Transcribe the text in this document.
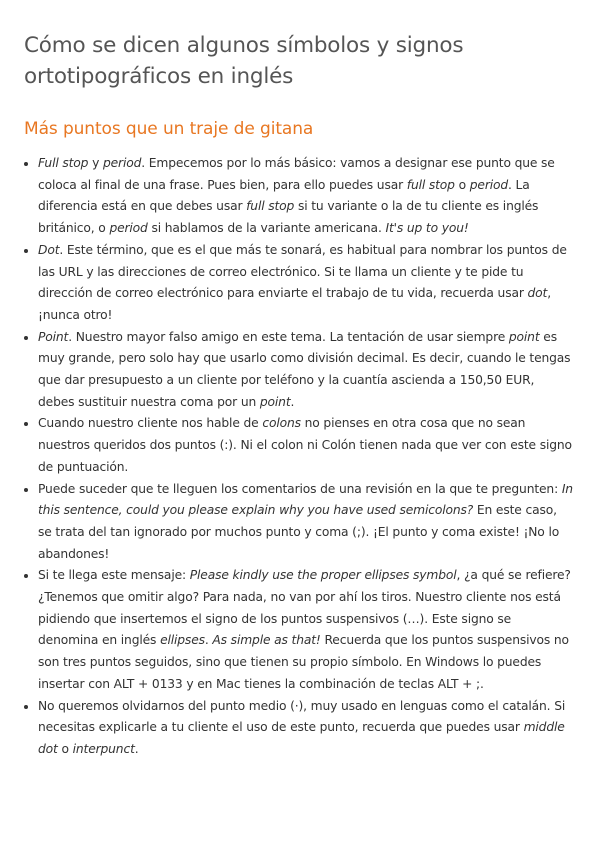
Cómo se dicen algunos símbolos y signos ortotipográficos en inglés
Más puntos que un traje de gitana
Full stop y period. Empecemos por lo más básico: vamos a designar ese punto que se coloca al final de una frase. Pues bien, para ello puedes usar full stop o period. La diferencia está en que debes usar full stop si tu variante o la de tu cliente es inglés británico, o period si hablamos de la variante americana. It's up to you!
Dot. Este término, que es el que más te sonará, es habitual para nombrar los puntos de las URL y las direcciones de correo electrónico. Si te llama un cliente y te pide tu dirección de correo electrónico para enviarte el trabajo de tu vida, recuerda usar dot, ¡nunca otro!
Point. Nuestro mayor falso amigo en este tema. La tentación de usar siempre point es muy grande, pero solo hay que usarlo como división decimal. Es decir, cuando le tengas que dar presupuesto a un cliente por teléfono y la cuantía ascienda a 150,50 EUR, debes sustituir nuestra coma por un point.
Cuando nuestro cliente nos hable de colons no pienses en otra cosa que no sean nuestros queridos dos puntos (:). Ni el colon ni Colón tienen nada que ver con este signo de puntuación.
Puede suceder que te lleguen los comentarios de una revisión en la que te pregunten: In this sentence, could you please explain why you have used semicolons? En este caso, se trata del tan ignorado por muchos punto y coma (;). ¡El punto y coma existe! ¡No lo abandones!
Si te llega este mensaje: Please kindly use the proper ellipses symbol, ¿a qué se refiere? ¿Tenemos que omitir algo? Para nada, no van por ahí los tiros. Nuestro cliente nos está pidiendo que insertemos el signo de los puntos suspensivos (…). Este signo se denomina en inglés ellipses. As simple as that! Recuerda que los puntos suspensivos no son tres puntos seguidos, sino que tienen su propio símbolo. En Windows lo puedes insertar con ALT + 0133 y en Mac tienes la combinación de teclas ALT + ;.
No queremos olvidarnos del punto medio (·), muy usado en lenguas como el catalán. Si necesitas explicarle a tu cliente el uso de este punto, recuerda que puedes usar middle dot o interpunct.
